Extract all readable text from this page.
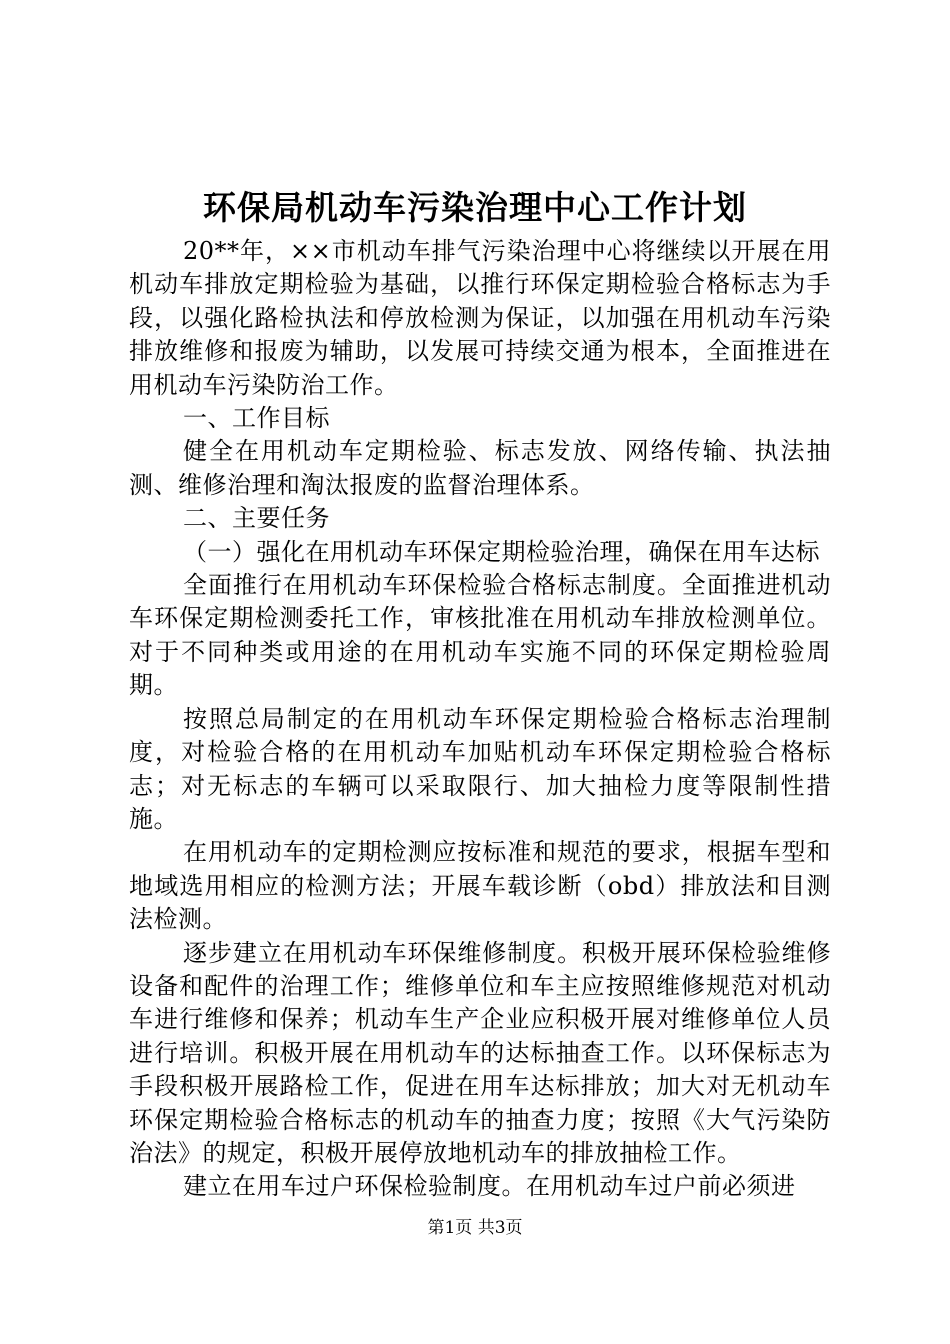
环保局机动车污染治理中心工作计划

20**年，××市机动车排气污染治理中心将继续以开展在用机动车排放定期检验为基础，以推行环保定期检验合格标志为手段，以强化路检执法和停放检测为保证，以加强在用机动车污染排放维修和报废为辅助，以发展可持续交通为根本，全面推进在用机动车污染防治工作。

一、工作目标

健全在用机动车定期检验、标志发放、网络传输、执法抽测、维修治理和淘汰报废的监督治理体系。

二、主要任务

（一）强化在用机动车环保定期检验治理，确保在用车达标

全面推行在用机动车环保检验合格标志制度。全面推进机动车环保定期检测委托工作，审核批准在用机动车排放检测单位。对于不同种类或用途的在用机动车实施不同的环保定期检验周期。

按照总局制定的在用机动车环保定期检验合格标志治理制度，对检验合格的在用机动车加贴机动车环保定期检验合格标志；对无标志的车辆可以采取限行、加大抽检力度等限制性措施。

在用机动车的定期检测应按标准和规范的要求，根据车型和地域选用相应的检测方法；开展车载诊断（obd）排放法和目测法检测。

逐步建立在用机动车环保维修制度。积极开展环保检验维修设备和配件的治理工作；维修单位和车主应按照维修规范对机动车进行维修和保养；机动车生产企业应积极开展对维修单位人员进行培训。积极开展在用机动车的达标抽查工作。以环保标志为手段积极开展路检工作，促进在用车达标排放；加大对无机动车环保定期检验合格标志的机动车的抽查力度；按照《大气污染防治法》的规定，积极开展停放地机动车的排放抽检工作。

建立在用车过户环保检验制度。在用机动车过户前必须进

第1页 共3页
